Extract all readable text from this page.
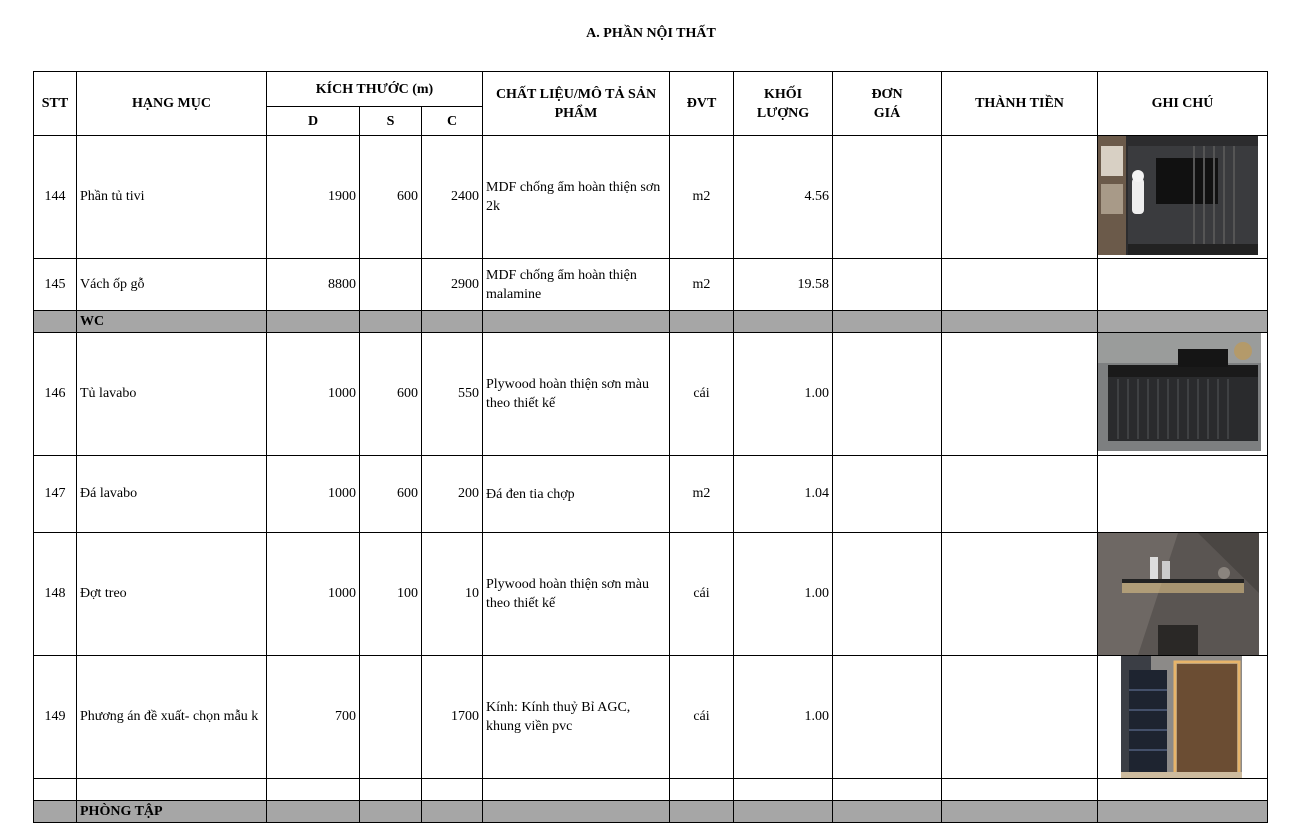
A. PHẦN NỘI THẤT
STT	HẠNG MỤC	KÍCH THƯỚC (m)			CHẤT LIỆU/MÔ TẢ SẢN PHẨM	ĐVT	KHỐI LƯỢNG	ĐƠN GIÁ	THÀNH TIỀN	GHI CHÚ
		D	S	C						
144	Phần tủ tivi	1900	600	2400	MDF chống ẩm hoàn thiện sơn 2k	m2	4.56			

145	Vách ốp gỗ	8800		2900	MDF chống ẩm hoàn thiện malamine	m2	19.58			
	WC									
146	Tủ lavabo	1000	600	550	Plywood hoàn thiện sơn màu theo thiết kế	cái	1.00			

147	Đá lavabo	1000	600	200	Đá đen tia chợp	m2	1.04			
148	Đợt treo	1000	100	10	Plywood hoàn thiện sơn màu theo thiết kế	cái	1.00			

149	Phương án đề xuất- chọn mẫu k	700		1700	Kính: Kính thuỷ Bỉ AGC, khung viền pvc	cái	1.00			

	PHÒNG TẬP									
